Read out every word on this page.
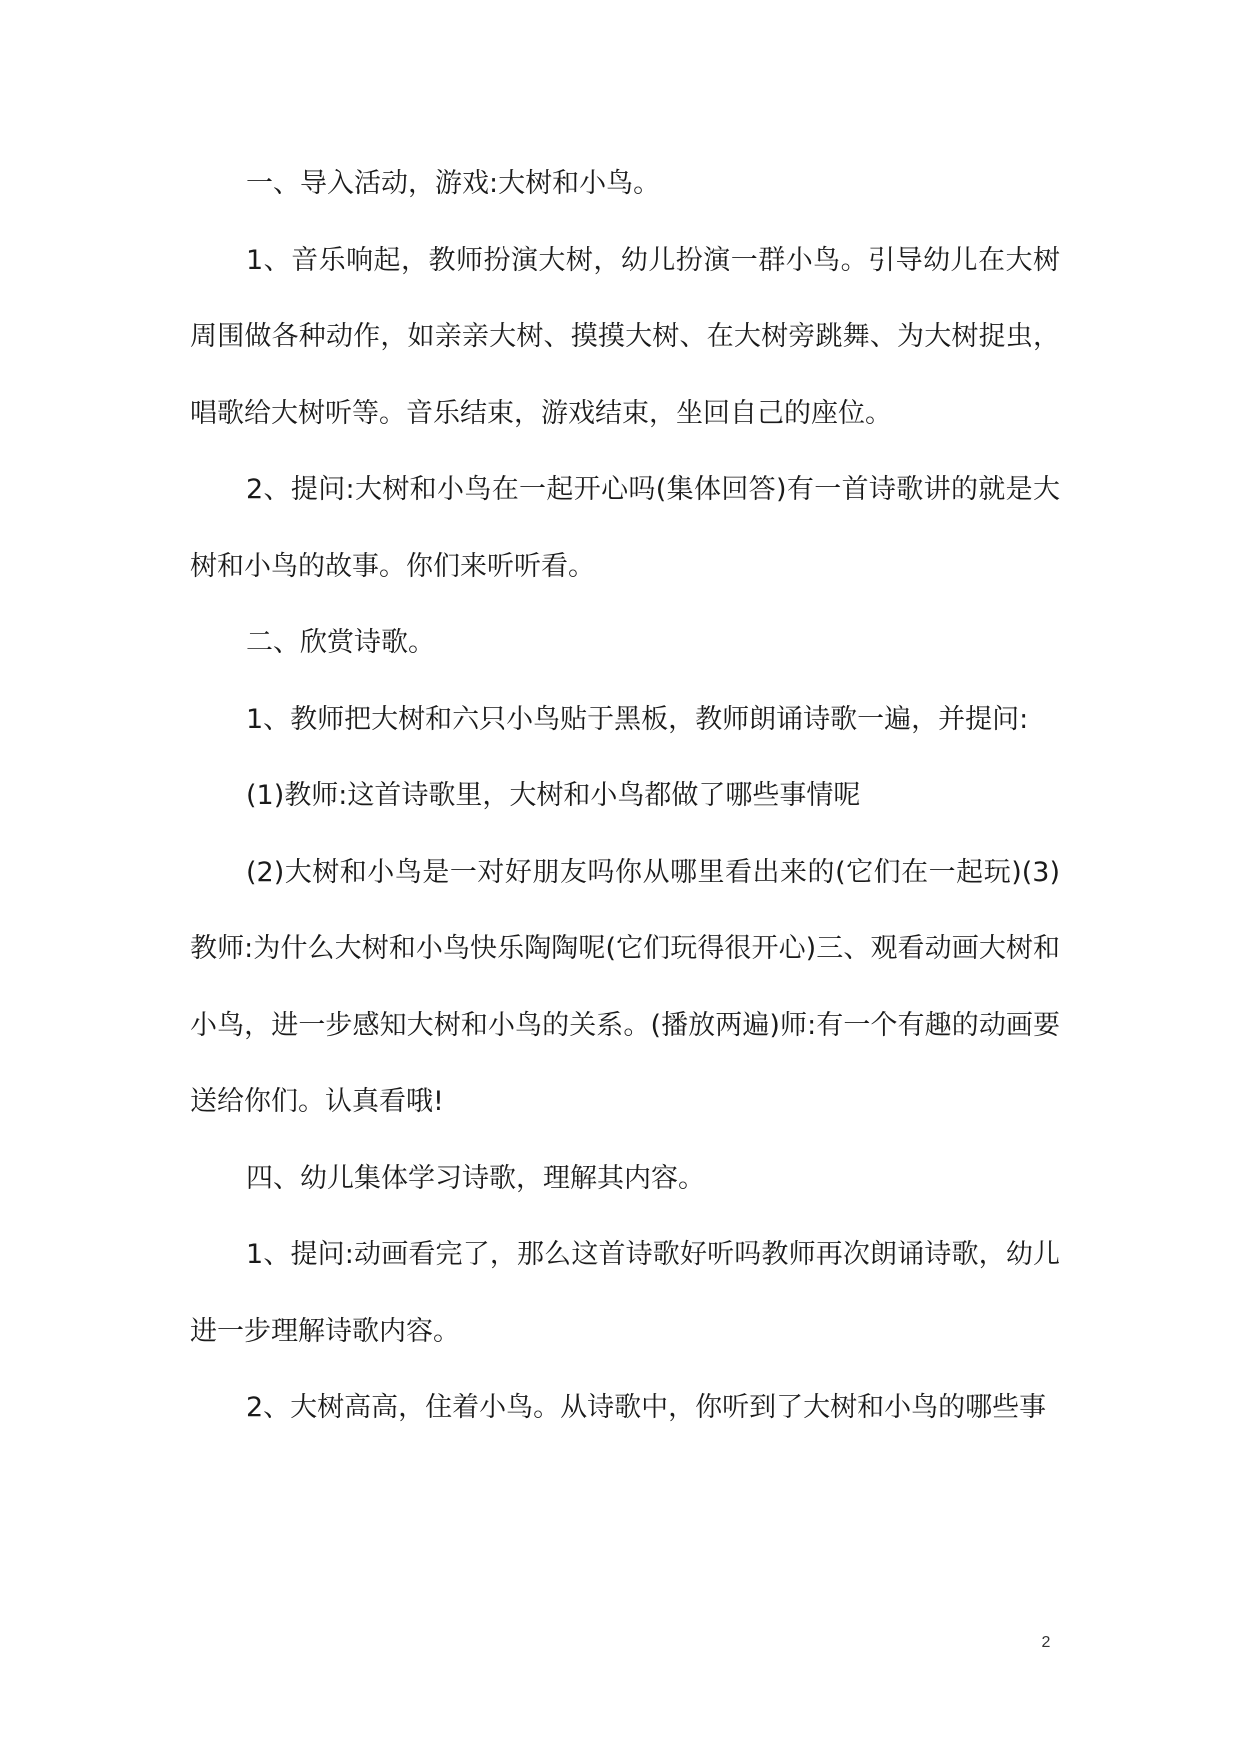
一、导入活动，游戏:大树和小鸟。

1、音乐响起，教师扮演大树，幼儿扮演一群小鸟。引导幼儿在大树周围做各种动作，如亲亲大树、摸摸大树、在大树旁跳舞、为大树捉虫， 唱歌给大树听等。音乐结束，游戏结束，坐回自己的座位。

2、提问:大树和小鸟在一起开心吗(集体回答)有一首诗歌讲的就是大树和小鸟的故事。你们来听听看。

二、欣赏诗歌。

1、教师把大树和六只小鸟贴于黑板，教师朗诵诗歌一遍，并提问:

(1)教师:这首诗歌里，大树和小鸟都做了哪些事情呢

(2)大树和小鸟是一对好朋友吗你从哪里看出来的(它们在一起玩)(3)教师:为什么大树和小鸟快乐陶陶呢(它们玩得很开心)三、观看动画大树和小鸟，进一步感知大树和小鸟的关系。(播放两遍)师:有一个有趣的动画要送给你们。认真看哦!

四、幼儿集体学习诗歌，理解其内容。

1、提问:动画看完了，那么这首诗歌好听吗教师再次朗诵诗歌，幼儿进一步理解诗歌内容。

2、大树高高，住着小鸟。从诗歌中，你听到了大树和小鸟的哪些事

2
